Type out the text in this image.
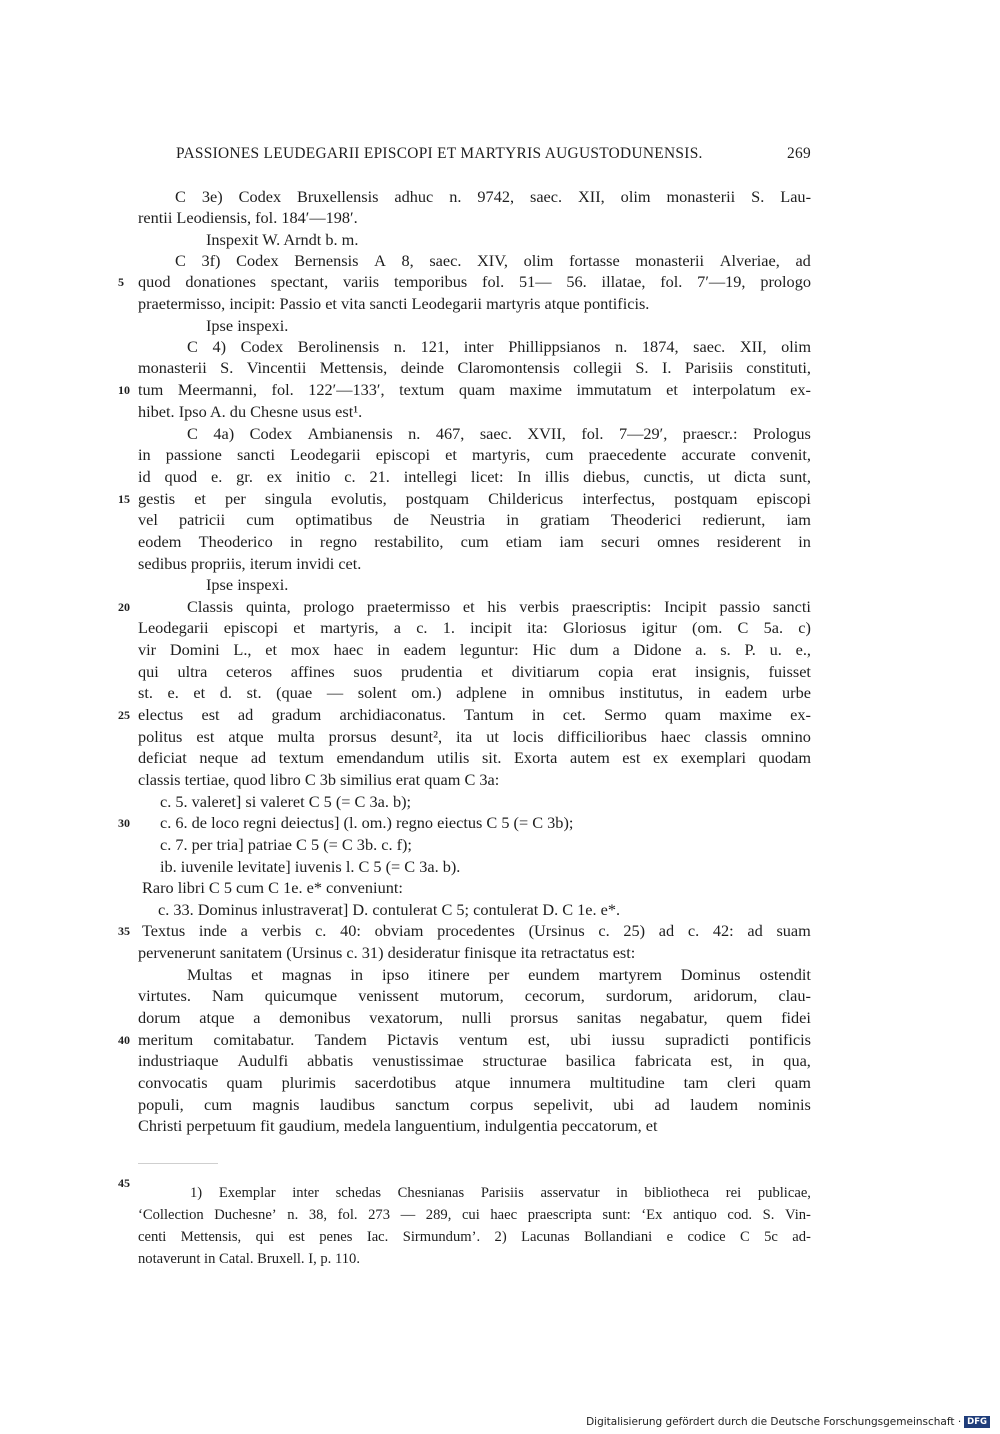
PASSIONES LEUDEGARII EPISCOPI ET MARTYRIS AUGUSTODUNENSIS.	269
C 3e) Codex Bruxellensis adhuc n. 9742, saec. XII, olim monasterii S. Lau-
rentii Leodiensis, fol. 184′—198′.
Inspexit W. Arndt b. m.
C 3f) Codex Bernensis A 8, saec. XIV, olim fortasse monasterii Alveriae, ad
quod donationes spectant, variis temporibus fol. 51— 56. illatae, fol. 7′—19, prologo
praetermisso, incipit: Passio et vita sancti Leodegarii martyris atque pontificis.
Ipse inspexi.
C 4) Codex Berolinensis n. 121, inter Phillippsianos n. 1874, saec. XII, olim
monasterii S. Vincentii Mettensis, deinde Claromontensis collegii S. I. Parisiis constituti,
tum Meermanni, fol. 122′—133′, textum quam maxime immutatum et interpolatum ex-
hibet. Ipso A. du Chesne usus est¹.
C 4a) Codex Ambianensis n. 467, saec. XVII, fol. 7—29′, praescr.: Prologus
in passione sancti Leodegarii episcopi et martyris, cum praecedente accurate convenit,
id quod e. gr. ex initio c. 21. intellegi licet: In illis diebus, cunctis, ut dicta sunt,
gestis et per singula evolutis, postquam Childericus interfectus, postquam episcopi
vel patricii cum optimatibus de Neustria in gratiam Theoderici redierunt, iam
eodem Theoderico in regno restabilito, cum etiam iam securi omnes residerent in
sedibus propriis, iterum invidi cet.
Ipse inspexi.
Classis quinta, prologo praetermisso et his verbis praescriptis: Incipit passio sancti
Leodegarii episcopi et martyris, a c. 1. incipit ita: Gloriosus igitur (om. C 5a. c)
vir Domini L., et mox haec in eadem leguntur: Hic dum a Didone a. s. P. u. e.,
qui ultra ceteros affines suos prudentia et divitiarum copia erat insignis, fuisset
st. e. et d. st. (quae — solent om.) adplene in omnibus institutus, in eadem urbe
electus est ad gradum archidiaconatus. Tantum in cet. Sermo quam maxime ex-
politus est atque multa prorsus desunt², ita ut locis difficilioribus haec classis omnino
deficiat neque ad textum emendandum utilis sit. Exorta autem est ex exemplari quodam
classis tertiae, quod libro C 3b similius erat quam C 3a:
c. 5. valeret] si valeret C 5 (= C 3a. b);
c. 6. de loco regni deiectus] (l. om.) regno eiectus C 5 (= C 3b);
c. 7. per tria] patriae C 5 (= C 3b. c. f);
ib. iuvenile levitate] iuvenis l. C 5 (= C 3a. b).
Raro libri C 5 cum C 1e. e* conveniunt:
c. 33. Dominus inlustraverat] D. contulerat C 5; contulerat D. C 1e. e*.
Textus inde a verbis c. 40: obviam procedentes (Ursinus c. 25) ad c. 42: ad suam
pervenerunt sanitatem (Ursinus c. 31) desideratur finisque ita retractatus est:
Multas et magnas in ipso itinere per eundem martyrem Dominus ostendit
virtutes. Nam quicumque venissent mutorum, cecorum, surdorum, aridorum, clau-
dorum atque a demonibus vexatorum, nulli prorsus sanitas negabatur, quem fidei
meritum comitabatur. Tandem Pictavis ventum est, ubi iussu supradicti pontificis
industriaque Audulfi abbatis venustissimae structurae basilica fabricata est, in qua,
convocatis quam plurimis sacerdotibus atque innumera multitudine tam cleri quam
populi, cum magnis laudibus sanctum corpus sepelivit, ubi ad laudem nominis
Christi perpetuum fit gaudium, medela languentium, indulgentia peccatorum, et
5
10
15
20
25
30
35
40
45
1) Exemplar inter schedas Chesnianas Parisiis asservatur in bibliotheca rei publicae,
‘Collection Duchesne’ n. 38, fol. 273 — 289, cui haec praescripta sunt: ‘Ex antiquo cod. S. Vin-
centi Mettensis, qui est penes Iac. Sirmundum’. 2) Lacunas Bollandiani e codice C 5c ad-
notaverunt in Catal. Bruxell. I, p. 110.
Digitalisierung gefördert durch die Deutsche Forschungsgemeinschaft · DFG
